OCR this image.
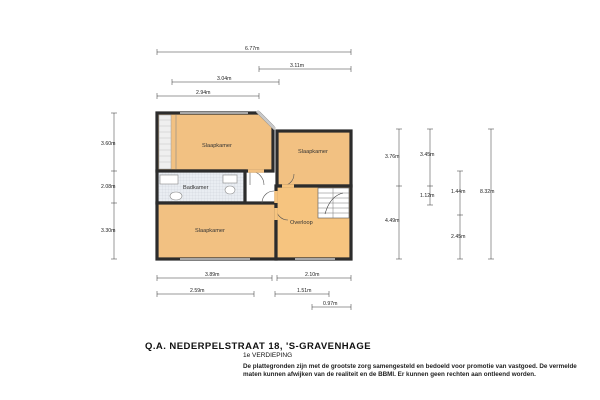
Slaapkamer
Slaapkamer
Badkamer
Slaapkamer
Overloop
6.77m
3.11m
3.04m
2.94m
3.89m	2.10m
2.59m	1.51m
0.97m
3.60m
2.08m
3.30m
3.76m	3.45m
1.12m
1.44m	8.32m
4.49m
2.45m
Q.A. NEDERPELSTRAAT 18, 'S-GRAVENHAGE
1e VERDIEPING
De plattegronden zijn met de grootste zorg samengesteld en bedoeld voor promotie van vastgoed. De vermelde maten kunnen afwijken van de realiteit en de BBMI. Er kunnen geen rechten aan ontleend worden.
